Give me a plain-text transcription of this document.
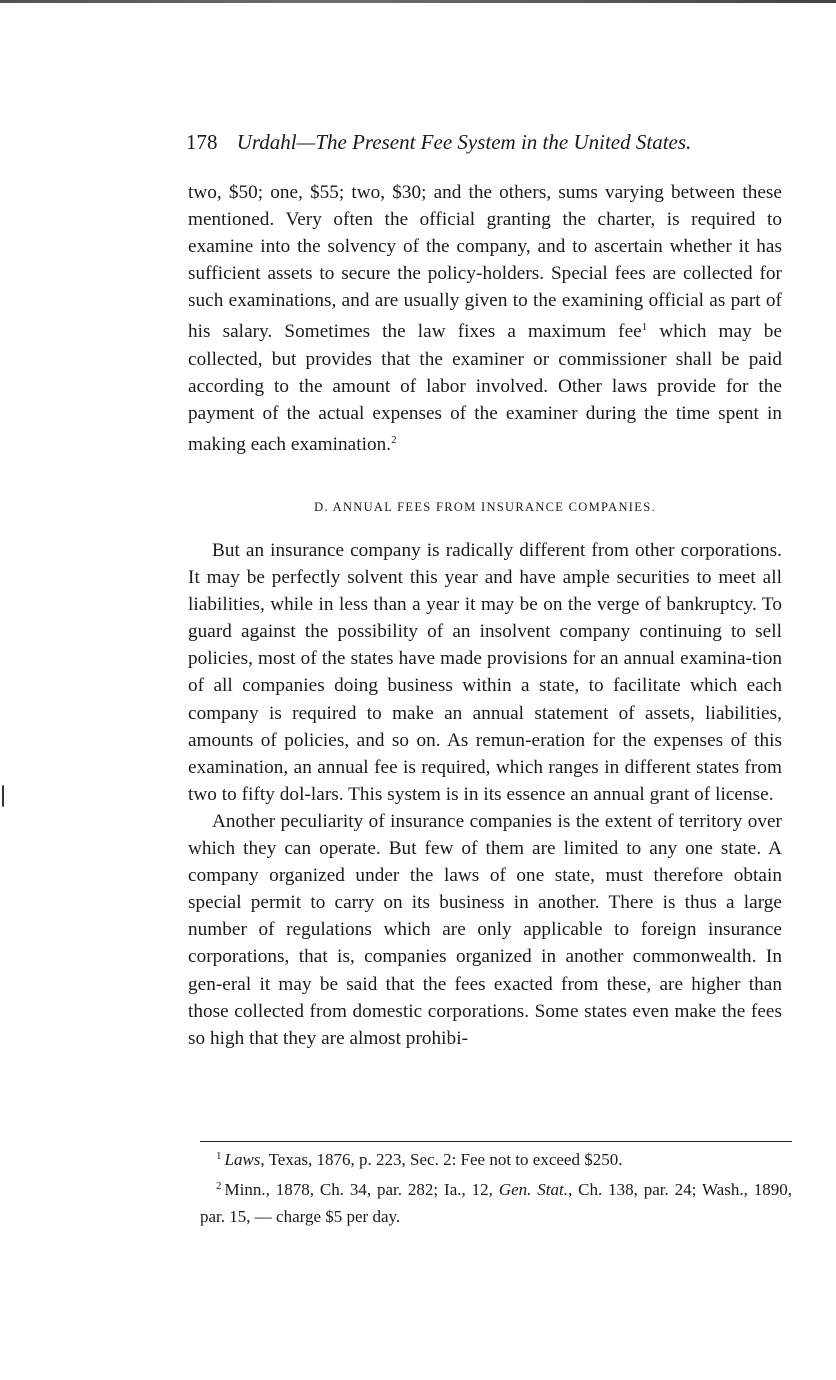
178 Urdahl—The Present Fee System in the United States.

two, $50; one, $55; two, $30; and the others, sums varying between these mentioned. Very often the official granting the charter, is required to examine into the solvency of the company, and to ascertain whether it has sufficient assets to secure the policy-holders. Special fees are collected for such examinations, and are usually given to the examining official as part of his salary. Sometimes the law fixes a maximum fee$^1$ which may be collected, but provides that the examiner or commissioner shall be paid according to the amount of labor involved. Other laws provide for the payment of the actual expenses of the examiner during the time spent in making each examination.$^2$

D. ANNUAL FEES FROM INSURANCE COMPANIES.

But an insurance company is radically different from other corporations. It may be perfectly solvent this year and have ample securities to meet all liabilities, while in less than a year it may be on the verge of bankruptcy. To guard against the possibility of an insolvent company continuing to sell policies, most of the states have made provisions for an annual examina-tion of all companies doing business within a state, to facilitate which each company is required to make an annual statement of assets, liabilities, amounts of policies, and so on. As remun-eration for the expenses of this examination, an annual fee is required, which ranges in different states from two to fifty dol-lars. This system is in its essence an annual grant of license.

Another peculiarity of insurance companies is the extent of territory over which they can operate. But few of them are limited to any one state. A company organized under the laws of one state, must therefore obtain special permit to carry on its business in another. There is thus a large number of regulations which are only applicable to foreign insurance corporations, that is, companies organized in another commonwealth. In gen-eral it may be said that the fees exacted from these, are higher than those collected from domestic corporations. Some states even make the fees so high that they are almost prohibi-

$^1$ Laws, Texas, 1876, p. 223, Sec. 2: Fee not to exceed $250.

$^2$ Minn., 1878, Ch. 34, par. 282; Ia., 12, Gen. Stat., Ch. 138, par. 24; Wash., 1890, par. 15, — charge $5 per day.
